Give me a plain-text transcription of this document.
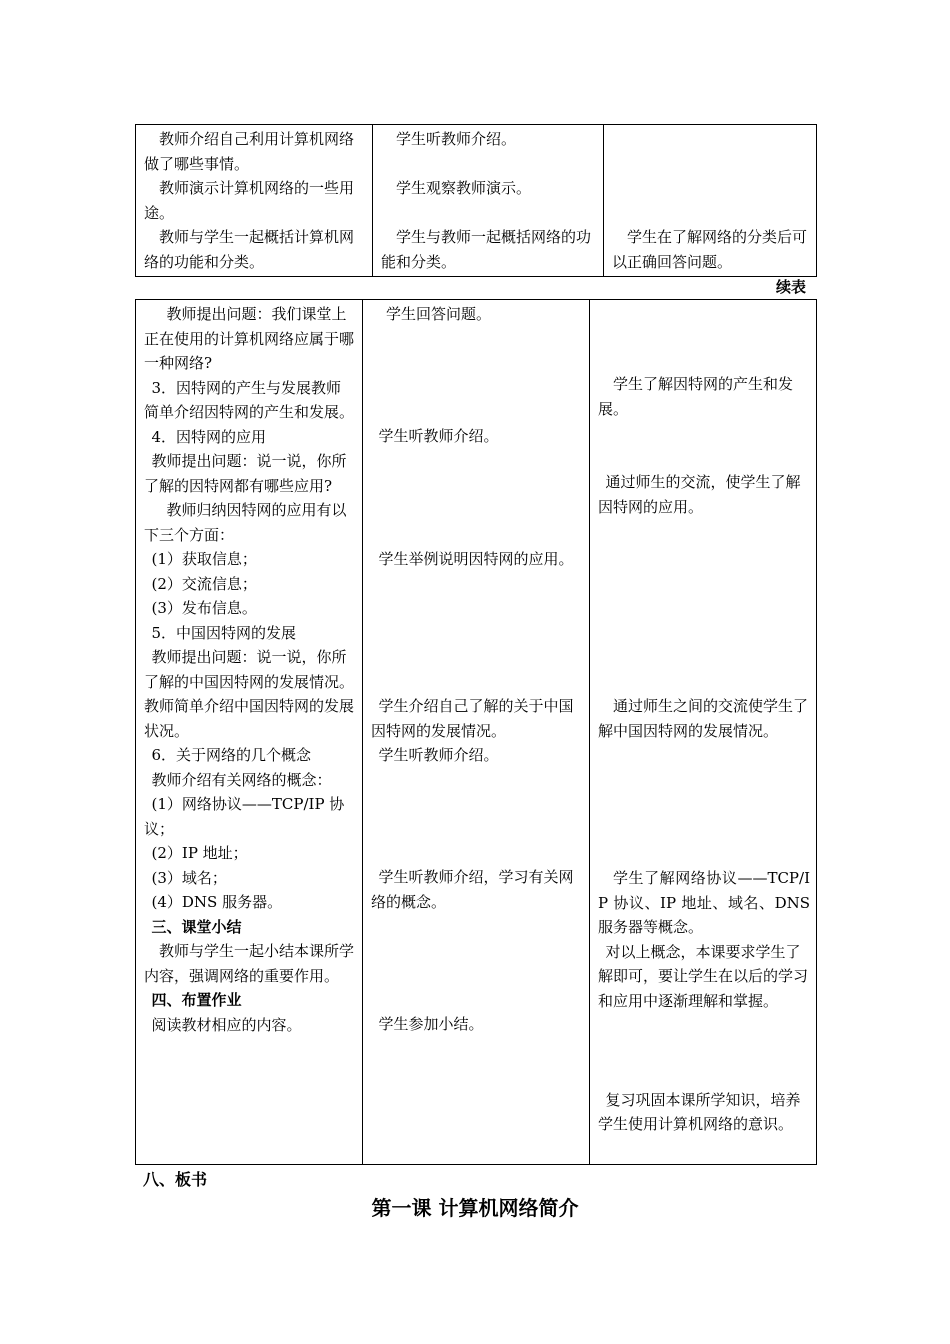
教师介绍自己利用计算机网络做了哪些事情。
教师演示计算机网络的一些用途。
教师与学生一起概括计算机网络的功能和分类。

学生听教师介绍。
学生观察教师演示。
学生与教师一起概括网络的功能和分类。

学生在了解网络的分类后可以正确回答问题。
续表
教师提出问题：我们课堂上正在使用的计算机网络应属于哪一种网络?
3．因特网的产生与发展教师简单介绍因特网的产生和发展。
4．因特网的应用
教师提出问题：说一说，你所了解的因特网都有哪些应用?
教师归纳因特网的应用有以下三个方面：
(1）获取信息；
(2）交流信息；
(3）发布信息。
5．中国因特网的发展
教师提出问题：说一说，你所了解的中国因特网的发展情况。教师简单介绍中国因特网的发展状况。
6．关于网络的几个概念
教师介绍有关网络的概念：
(1）网络协议——TCP/IP 协议；
(2）IP 地址；
(3）域名；
(4）DNS 服务器。
三、课堂小结
教师与学生一起小结本课所学内容，强调网络的重要作用。
四、布置作业
阅读教材相应的内容。

学生回答问题。
学生听教师介绍。
学生举例说明因特网的应用。
学生介绍自己了解的关于中国因特网的发展情况。
学生听教师介绍。
学生听教师介绍，学习有关网络的概念。
学生参加小结。

学生了解因特网的产生和发展。
通过师生的交流，使学生了解因特网的应用。
通过师生之间的交流使学生了解中国因特网的发展情况。
学生了解网络协议——TCP/IP 协议、IP 地址、域名、DNS 服务器等概念。
对以上概念，本课要求学生了解即可，要让学生在以后的学习和应用中逐渐理解和掌握。
复习巩固本课所学知识，培养学生使用计算机网络的意识。
八、板书
第一课 计算机网络简介
